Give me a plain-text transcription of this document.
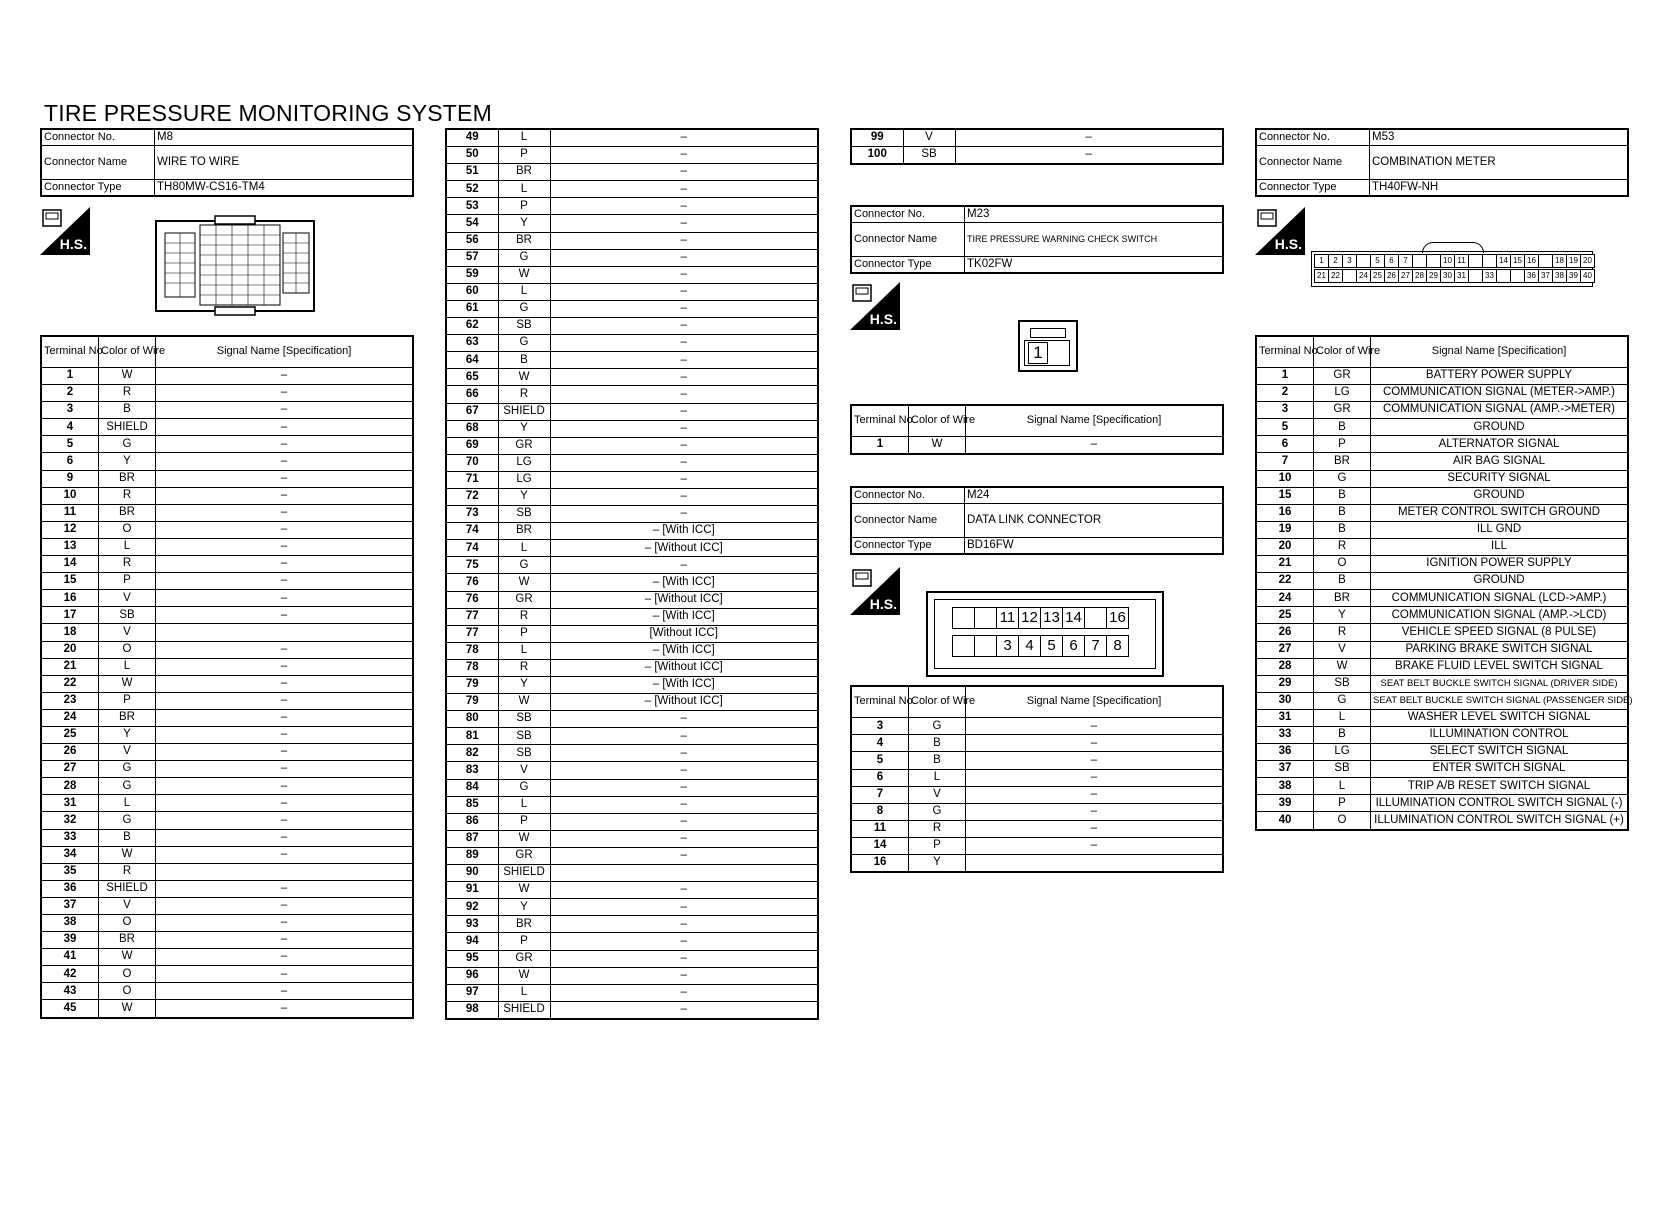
TIRE PRESSURE MONITORING SYSTEM
Connector No.	M8
Connector Name	WIRE TO WIRE
Connector Type	TH80MW-CS16-TM4
H.S.
Terminal No.	Color of Wire	Signal Name [Specification]
1	W	–
2	R	–
3	B	–
4	SHIELD	–
5	G	–
6	Y	–
9	BR	–
10	R	–
11	BR	–
12	O	–
13	L	–
14	R	–
15	P	–
16	V	–
17	SB	–
18	V	
20	O	–
21	L	–
22	W	–
23	P	–
24	BR	–
25	Y	–
26	V	–
27	G	–
28	G	–
31	L	–
32	G	–
33	B	–
34	W	–
35	R	
36	SHIELD	–
37	V	–
38	O	–
39	BR	–
41	W	–
42	O	–
43	O	–
45	W	–
49	L	–
50	P	–
51	BR	–
52	L	–
53	P	–
54	Y	–
56	BR	–
57	G	–
59	W	–
60	L	–
61	G	–
62	SB	–
63	G	–
64	B	–
65	W	–
66	R	–
67	SHIELD	–
68	Y	–
69	GR	–
70	LG	–
71	LG	–
72	Y	–
73	SB	–
74	BR	– [With ICC]
74	L	– [Without ICC]
75	G	–
76	W	– [With ICC]
76	GR	– [Without ICC]
77	R	– [With ICC]
77	P	[Without ICC]
78	L	– [With ICC]
78	R	– [Without ICC]
79	Y	– [With ICC]
79	W	– [Without ICC]
80	SB	–
81	SB	–
82	SB	–
83	V	–
84	G	–
85	L	–
86	P	–
87	W	–
89	GR	–
90	SHIELD	
91	W	–
92	Y	–
93	BR	–
94	P	–
95	GR	–
96	W	–
97	L	–
98	SHIELD	–
99	V	–
100	SB	–
Connector No.	M23
Connector Name	TIRE PRESSURE WARNING CHECK SWITCH
Connector Type	TK02FW
H.S.
1
Terminal No.	Color of Wire	Signal Name [Specification]
1	W	–
Connector No.	M24
Connector Name	DATA LINK CONNECTOR
Connector Type	BD16FW
H.S.
11 12 13 14 16
3 4 5 6 7 8
Terminal No.	Color of Wire	Signal Name [Specification]
3	G	–
4	B	–
5	B	–
6	L	–
7	V	–
8	G	–
11	R	–
14	P	–
16	Y	
Connector No.	M53
Connector Name	COMBINATION METER
Connector Type	TH40FW-NH
H.S.
1	2	3	5	6	7	10 11	14 15 16	18 19 20
21 22	24 25 26 27 28 29 30 31	33	36 37 38 39 40
Terminal No.	Color of Wire	Signal Name [Specification]
1	GR	BATTERY POWER SUPPLY
2	LG	COMMUNICATION SIGNAL (METER->AMP.)
3	GR	COMMUNICATION SIGNAL (AMP.->METER)
5	B	GROUND
6	P	ALTERNATOR SIGNAL
7	BR	AIR BAG SIGNAL
10	G	SECURITY SIGNAL
15	B	GROUND
16	B	METER CONTROL SWITCH GROUND
19	B	ILL GND
20	R	ILL
21	O	IGNITION POWER SUPPLY
22	B	GROUND
24	BR	COMMUNICATION SIGNAL (LCD->AMP.)
25	Y	COMMUNICATION SIGNAL (AMP.->LCD)
26	R	VEHICLE SPEED SIGNAL (8 PULSE)
27	V	PARKING BRAKE SWITCH SIGNAL
28	W	BRAKE FLUID LEVEL SWITCH SIGNAL
29	SB	SEAT BELT BUCKLE SWITCH SIGNAL (DRIVER SIDE)
30	G	SEAT BELT BUCKLE SWITCH SIGNAL (PASSENGER SIDE)
31	L	WASHER LEVEL SWITCH SIGNAL
33	B	ILLUMINATION CONTROL
36	LG	SELECT SWITCH SIGNAL
37	SB	ENTER SWITCH SIGNAL
38	L	TRIP A/B RESET SWITCH SIGNAL
39	P	ILLUMINATION CONTROL SWITCH SIGNAL (-)
40	O	ILLUMINATION CONTROL SWITCH SIGNAL (+)
